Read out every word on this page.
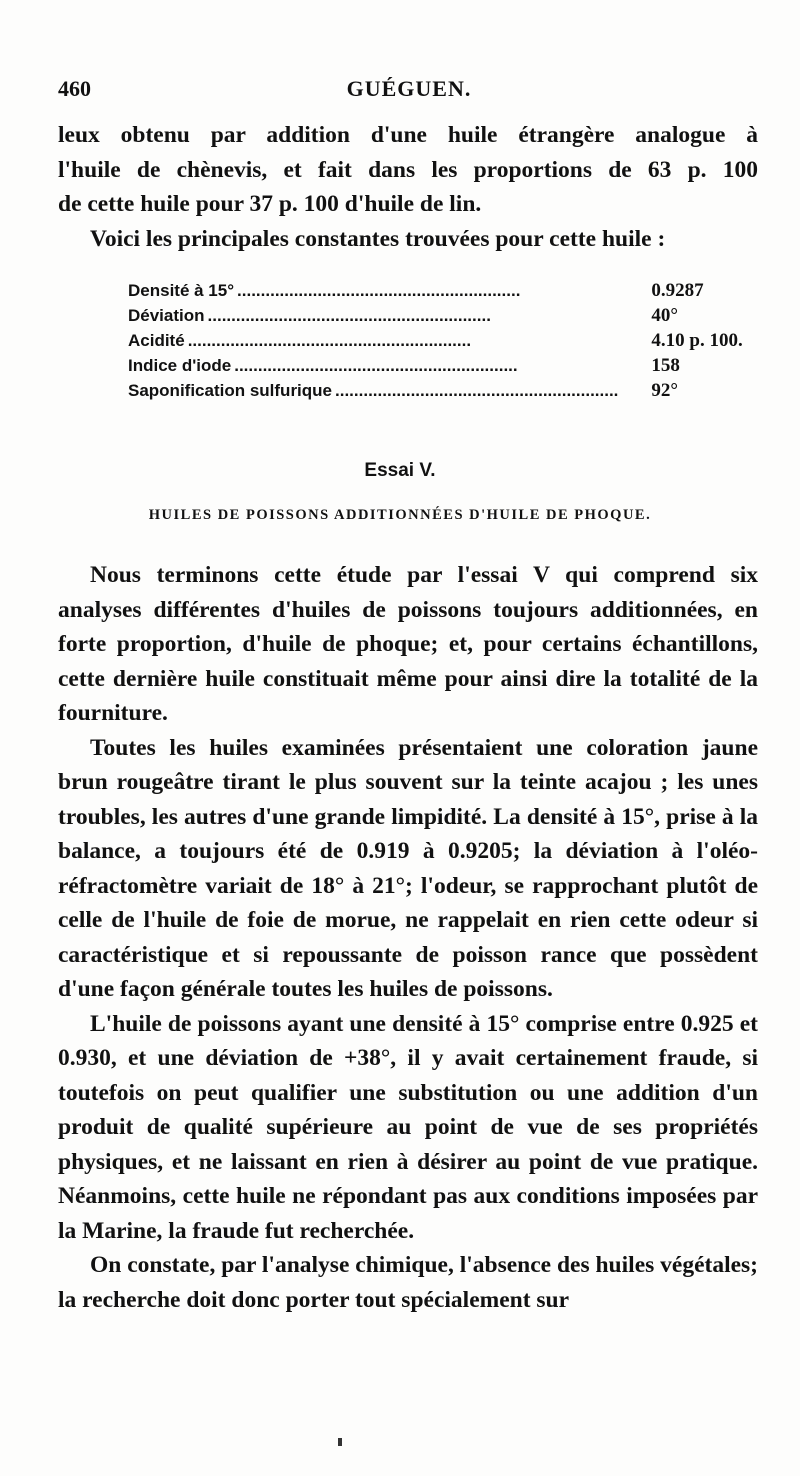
460	GUÉGUEN.
leux obtenu par addition d'une huile étrangère analogue à
l'huile de chènevis, et fait dans les proportions de 63 p. 100
de cette huile pour 37 p. 100 d'huile de lin.
Voici les principales constantes trouvées pour cette huile :
Densité à 15° ............................................................	0.9287
Déviation ............................................................	40°
Acidité ............................................................	4.10 p. 100.
Indice d'iode ............................................................	158
Saponification sulfurique ............................................................	92°
Essai V.
HUILES DE POISSONS ADDITIONNÉES D'HUILE DE PHOQUE.

Nous terminons cette étude par l'essai V qui comprend six analyses différentes d'huiles de poissons toujours additionnées, en forte proportion, d'huile de phoque; et, pour certains échantillons, cette dernière huile constituait même pour ainsi dire la totalité de la fourniture.

Toutes les huiles examinées présentaient une coloration jaune brun rougeâtre tirant le plus souvent sur la teinte acajou ; les unes troubles, les autres d'une grande limpidité. La densité à 15°, prise à la balance, a toujours été de 0.919 à 0.9205; la déviation à l'oléo-réfractomètre variait de 18° à 21°; l'odeur, se rapprochant plutôt de celle de l'huile de foie de morue, ne rappelait en rien cette odeur si caractéristique et si repoussante de poisson rance que possèdent d'une façon générale toutes les huiles de poissons.

L'huile de poissons ayant une densité à 15° comprise entre 0.925 et 0.930, et une déviation de +38°, il y avait certainement fraude, si toutefois on peut qualifier une substitution ou une addition d'un produit de qualité supérieure au point de vue de ses propriétés physiques, et ne laissant en rien à désirer au point de vue pratique. Néanmoins, cette huile ne répondant pas aux conditions imposées par la Marine, la fraude fut recherchée.

On constate, par l'analyse chimique, l'absence des huiles végétales; la recherche doit donc porter tout spécialement sur
